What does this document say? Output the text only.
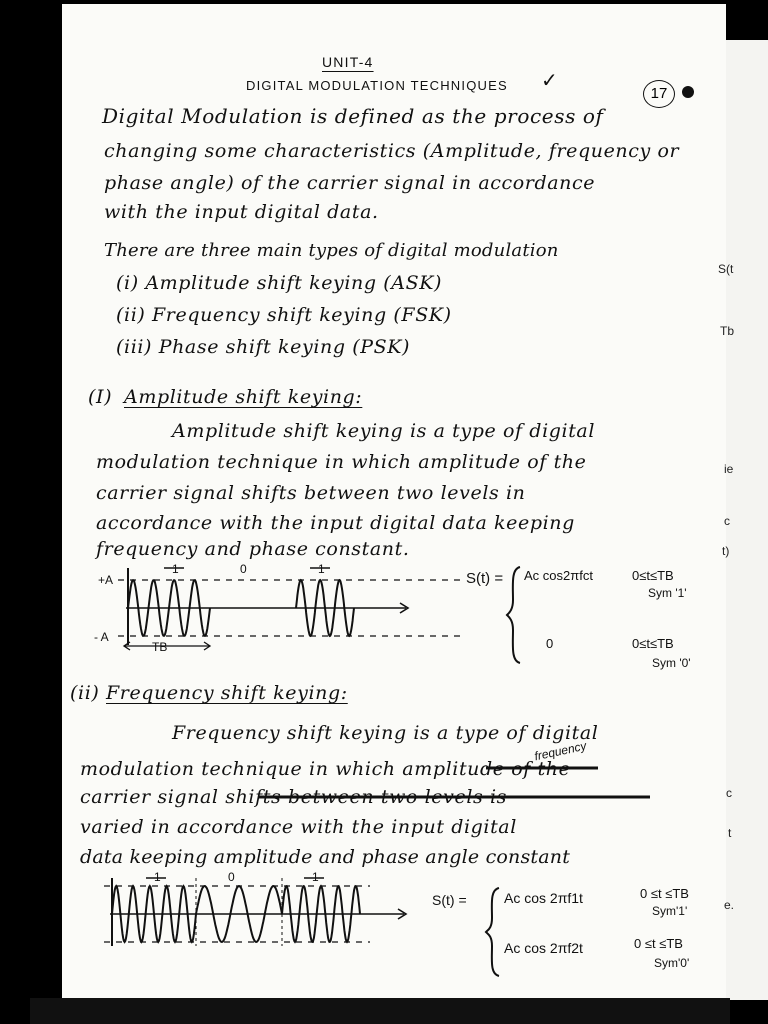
UNIT-4
DIGITAL MODULATION TECHNIQUES ✓
17
Digital Modulation is defined as the process of
changing some characteristics (Amplitude, frequency or
phase angle) of the carrier signal in accordance
with the input digital data.
There are three main types of digital modulation
(i) Amplitude shift keying (ASK)
(ii) Frequency shift keying (FSK)
(iii) Phase shift keying (PSK)
(I) Amplitude shift keying:
Amplitude shift keying is a type of digital
modulation technique in which amplitude of the
carrier signal shifts between two levels in
accordance with the input digital data keeping
frequency and phase constant.
+A
- A
1	0	1
TB
S(t) = Ac cos2πfct	0≤t≤TB
Sym '1'
0	0≤t≤TB
Sym '0'
(ii) Frequency shift keying:
frequency
Frequency shift keying is a type of digital
modulation technique in which amplitude of the
carrier signal shifts between two levels is
varied in accordance with the input digital
data keeping amplitude and phase angle constant
1	0	1
S(t) =	Ac cos 2πf1t	0 ≤t ≤TB
Sym'1'
Ac cos 2πf2t	0 ≤t ≤TB
Sym'0'
S(t
Tb
ie
c
t)
c
t
e.
